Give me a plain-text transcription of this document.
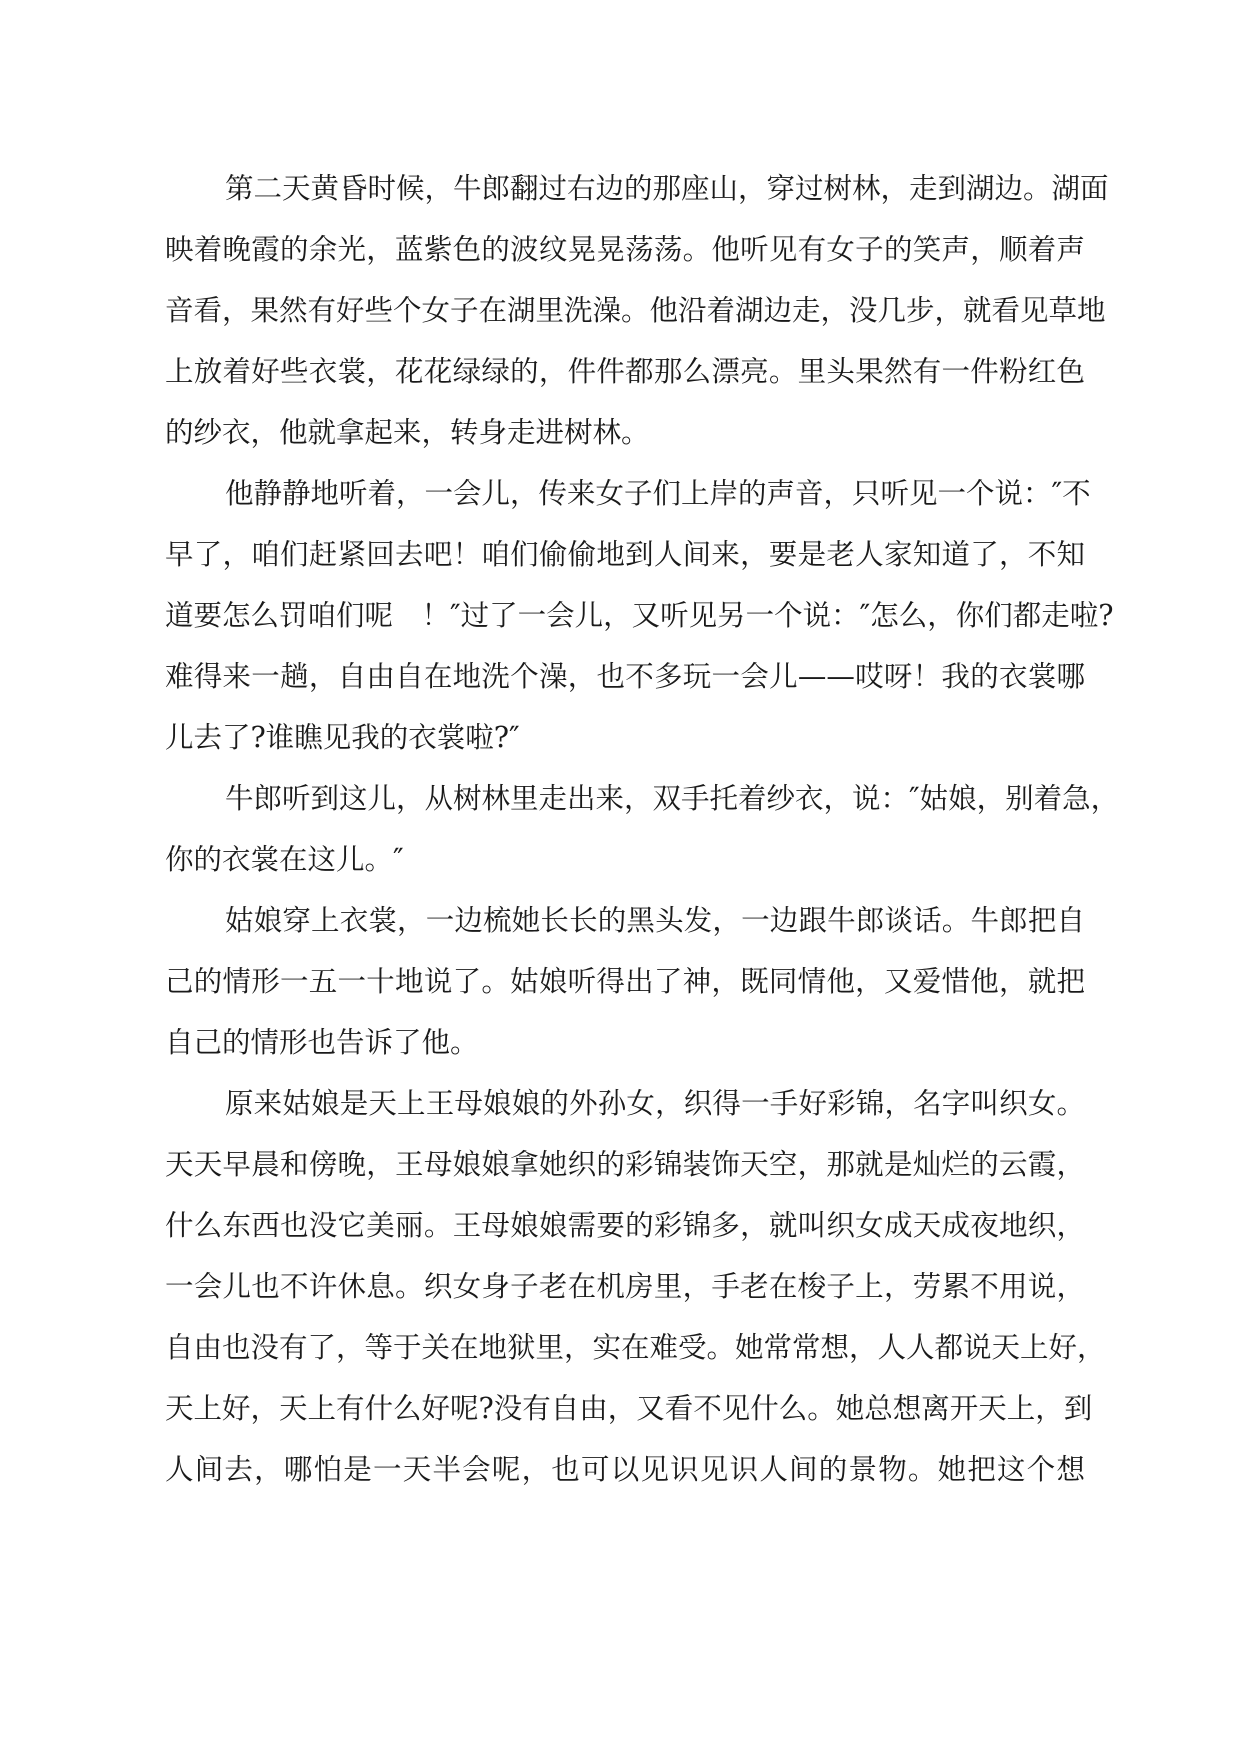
第二天黄昏时候，牛郎翻过右边的那座山，穿过树林，走到湖边。湖面
映着晚霞的余光，蓝紫色的波纹晃晃荡荡。他听见有女子的笑声，顺着声
音看，果然有好些个女子在湖里洗澡。他沿着湖边走，没几步，就看见草地
上放着好些衣裳，花花绿绿的，件件都那么漂亮。里头果然有一件粉红色
的纱衣，他就拿起来，转身走进树林。
他静静地听着，一会儿，传来女子们上岸的声音，只听见一个说：″不
早了，咱们赶紧回去吧！咱们偷偷地到人间来，要是老人家知道了，不知
道要怎么罚咱们呢　！″过了一会儿，又听见另一个说：″怎么，你们都走啦?
难得来一趟，自由自在地洗个澡，也不多玩一会儿——哎呀！我的衣裳哪
儿去了?谁瞧见我的衣裳啦?″
牛郎听到这儿，从树林里走出来，双手托着纱衣，说：″姑娘，别着急，
你的衣裳在这儿。″
姑娘穿上衣裳，一边梳她长长的黑头发，一边跟牛郎谈话。牛郎把自
己的情形一五一十地说了。姑娘听得出了神，既同情他，又爱惜他，就把
自己的情形也告诉了他。
原来姑娘是天上王母娘娘的外孙女，织得一手好彩锦，名字叫织女。
天天早晨和傍晚，王母娘娘拿她织的彩锦装饰天空，那就是灿烂的云霞，
什么东西也没它美丽。王母娘娘需要的彩锦多，就叫织女成天成夜地织，
一会儿也不许休息。织女身子老在机房里，手老在梭子上，劳累不用说，
自由也没有了，等于关在地狱里，实在难受。她常常想，人人都说天上好，
天上好，天上有什么好呢?没有自由，又看不见什么。她总想离开天上，到
人间去，哪怕是一天半会呢，也可以见识见识人间的景物。她把这个想
